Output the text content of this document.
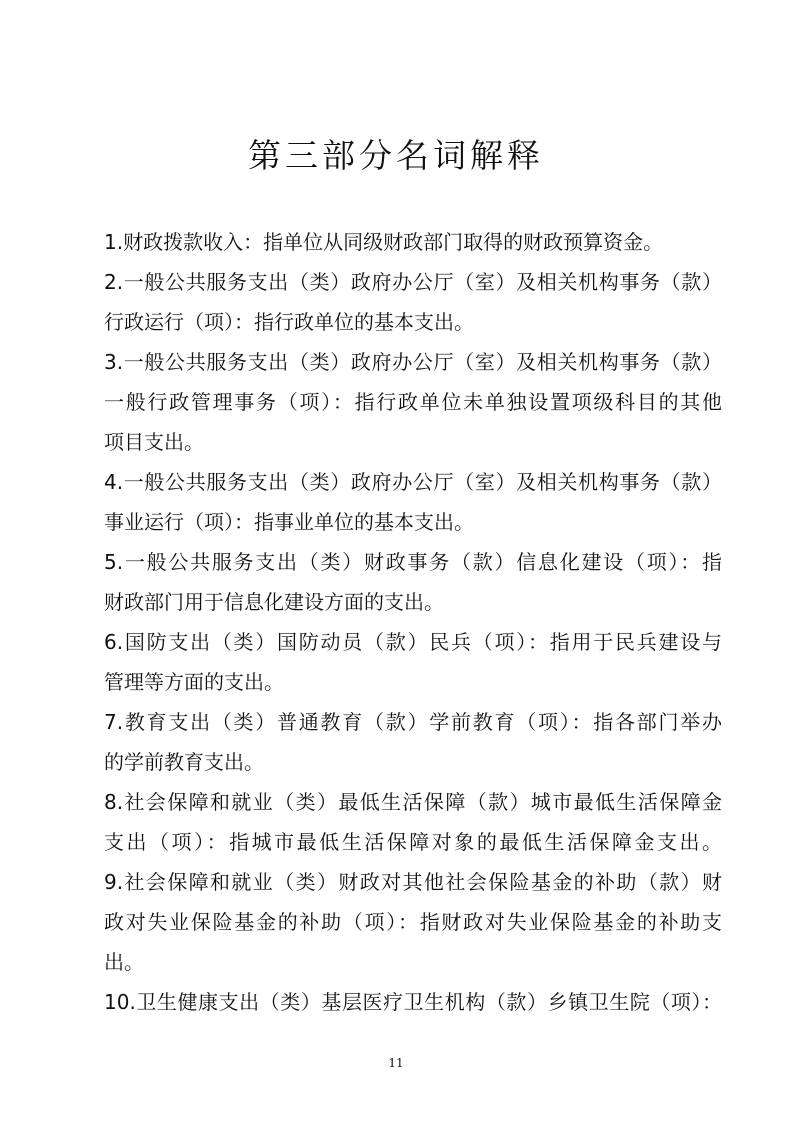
第三部分名词解释
1.财政拨款收入：指单位从同级财政部门取得的财政预算资金。
2.一般公共服务支出（类）政府办公厅（室）及相关机构事务（款）
行政运行（项）：指行政单位的基本支出。
3.一般公共服务支出（类）政府办公厅（室）及相关机构事务（款）
一般行政管理事务（项）：指行政单位未单独设置项级科目的其他
项目支出。
4.一般公共服务支出（类）政府办公厅（室）及相关机构事务（款）
事业运行（项）：指事业单位的基本支出。
5.一般公共服务支出（类）财政事务（款）信息化建设（项）：指
财政部门用于信息化建设方面的支出。
6.国防支出（类）国防动员（款）民兵（项）：指用于民兵建设与
管理等方面的支出。
7.教育支出（类）普通教育（款）学前教育（项）：指各部门举办
的学前教育支出。
8.社会保障和就业（类）最低生活保障（款）城市最低生活保障金
支出（项）：指城市最低生活保障对象的最低生活保障金支出。
9.社会保障和就业（类）财政对其他社会保险基金的补助（款）财
政对失业保险基金的补助（项）：指财政对失业保险基金的补助支
出。
10.卫生健康支出（类）基层医疗卫生机构（款）乡镇卫生院（项）：
11
